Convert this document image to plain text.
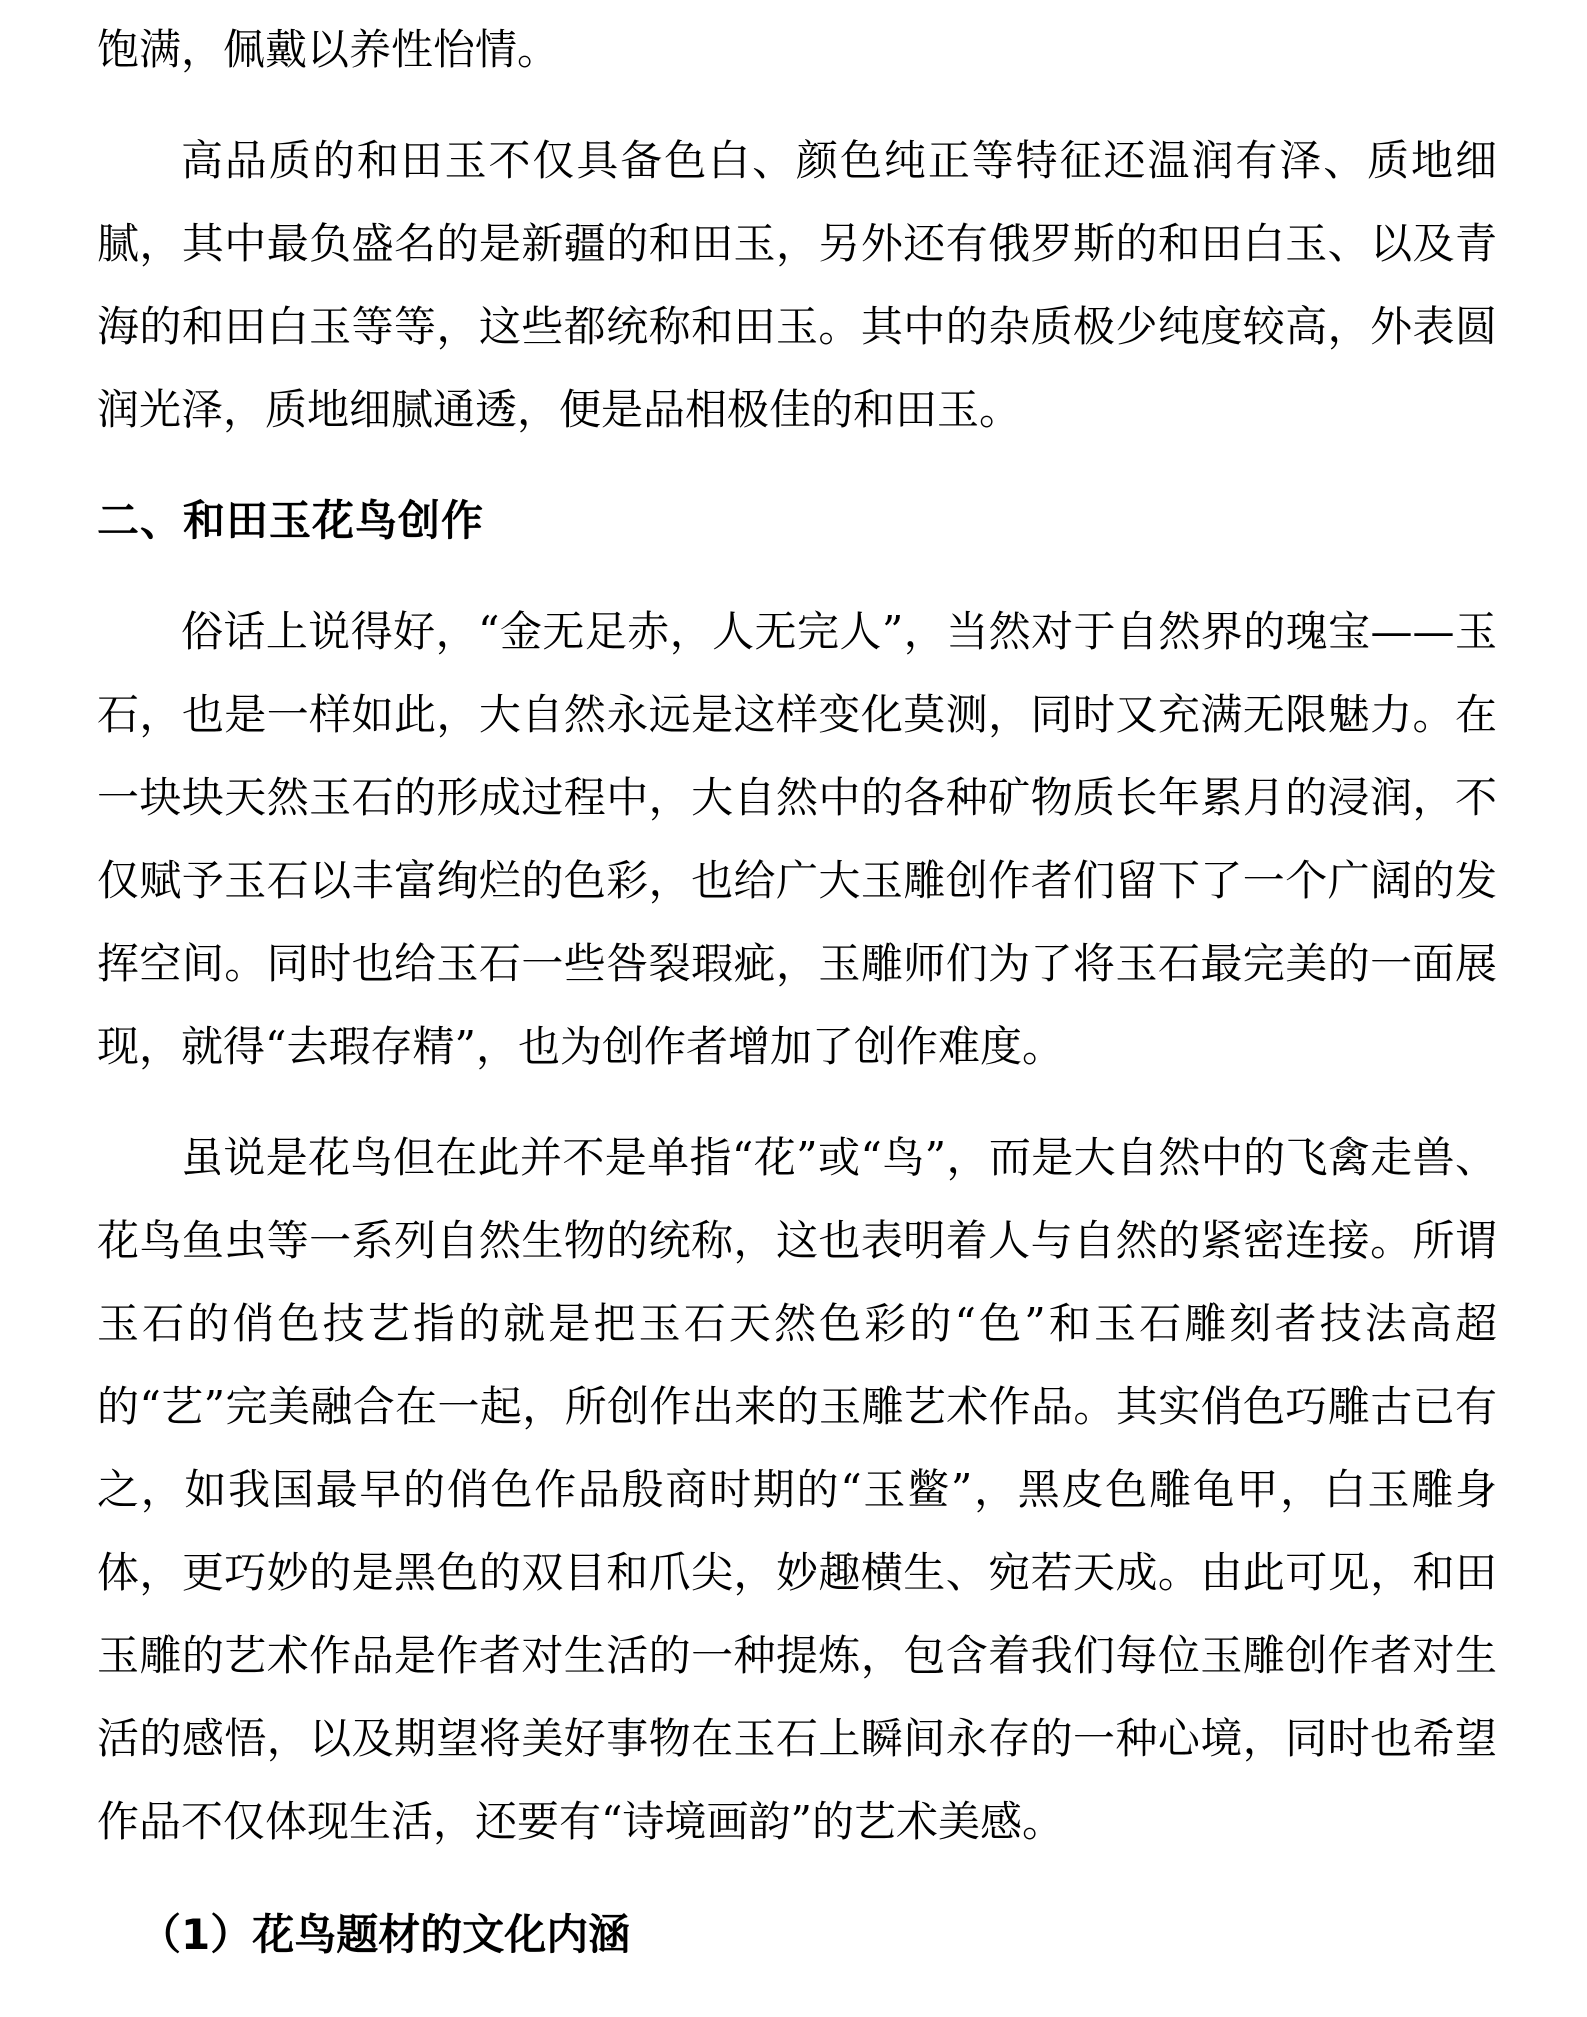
饱满，佩戴以养性怡情。

高品质的和田玉不仅具备色白、颜色纯正等特征还温润有泽、质地细腻，其中最负盛名的是新疆的和田玉，另外还有俄罗斯的和田白玉、以及青海的和田白玉等等，这些都统称和田玉。其中的杂质极少纯度较高，外表圆润光泽，质地细腻通透，便是品相极佳的和田玉。

二、和田玉花鸟创作

俗话上说得好，“金无足赤，人无完人”，当然对于自然界的瑰宝——玉石，也是一样如此，大自然永远是这样变化莫测，同时又充满无限魅力。在一块块天然玉石的形成过程中，大自然中的各种矿物质长年累月的浸润，不仅赋予玉石以丰富绚烂的色彩，也给广大玉雕创作者们留下了一个广阔的发挥空间。同时也给玉石一些咎裂瑕疵，玉雕师们为了将玉石最完美的一面展现，就得“去瑕存精”，也为创作者增加了创作难度。

虽说是花鸟但在此并不是单指“花”或“鸟”，而是大自然中的飞禽走兽、花鸟鱼虫等一系列自然生物的统称，这也表明着人与自然的紧密连接。所谓玉石的俏色技艺指的就是把玉石天然色彩的“色”和玉石雕刻者技法高超的“艺”完美融合在一起，所创作出来的玉雕艺术作品。其实俏色巧雕古已有之，如我国最早的俏色作品殷商时期的“玉鳖”，黑皮色雕龟甲，白玉雕身体，更巧妙的是黑色的双目和爪尖，妙趣横生、宛若天成。由此可见，和田玉雕的艺术作品是作者对生活的一种提炼，包含着我们每位玉雕创作者对生活的感悟，以及期望将美好事物在玉石上瞬间永存的一种心境，同时也希望作品不仅体现生活，还要有“诗境画韵”的艺术美感。

（1）花鸟题材的文化内涵
